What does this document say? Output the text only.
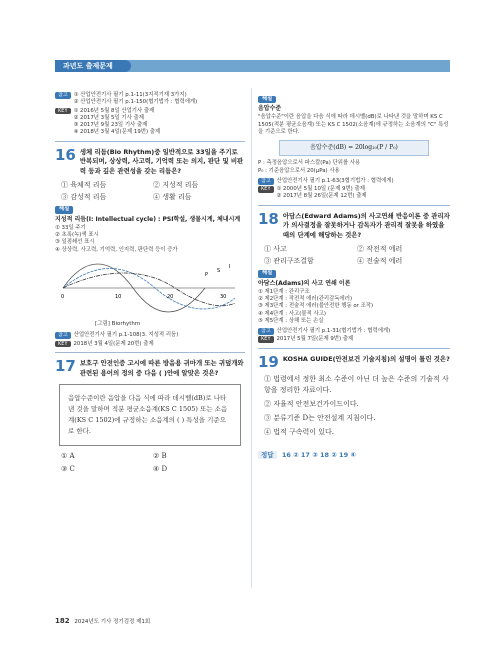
과년도 출제문제
참고	① 산업안전기사 필기 p.1-11(3지적기재 3가지)
② 산업안전기사 필기 p.1-150(협기법가 : 협력에게)
KEY	① 2016년 5월 8일 산업기사 출제
② 2017년 3월 5일 기사 출제
③ 2017년 9월 23일 기사 출제
④ 2018년 3월 4일(문제 19번) 출제
16 생체 리듬(Bio Rhythm)중 일반적으로 33일을 주기로 반복되며, 상상력, 사고력, 기억력 또는 의지, 판단 및 비판력 등과 깊은 관련성을 갖는 리듬은?
① 육체적 리듬	② 지성적 리듬
③ 감성적 리듬	④ 생활 리듬
해설
지성적 리듬(I: Intellectual cycle) : PSI학설, 생물시계, 체내시계
① 33일 주기
② 초록(녹)색 표시
③ 일점쇄선 표시
④ 상상력, 사고력, 기억력, 인지력, 판단력 등이 증가
0	10	20	30
P
S
I
[그림] Biorhythm
참고	산업안전기사 필기 p.1-108(3. 지성적 리듬)
KEY	2018년 3월 4일(문제 20번) 출제
17 보호구 안전인증 고시에 따른 방음용 귀마개 또는 귀덮개와 관련된 용어의 정의 중 다음 ( )안에 알맞은 것은?
음압수준이란 음압을 다음 식에 따라 데시벨(dB)로 나타낸 것을 말하며 적분 평균소음계(KS C 1505) 또는 소음계(KS C 1502)에 규정하는 소음계의 ( ) 특성을 기준으로 한다.
① A	② B
③ C	④ D
해설
음압수준
"음압수준"이란 음압을 다음 식에 따라 데시벨(dB)로 나타낸 것을 말하며 KS C 1505(적분 평균소음계) 또는 KS C 1502(소음계)에 규정하는 소음계의 "C" 특성을 기준으로 한다.
음압수준(dB) = 20log₁₀(P / P₀)
P : 측정음압으로서 파스칼(Pa) 단위를 사용
P₀ : 기준음압으로서 20(μPa) 사용
참고	산업안전기사 필기 p.1-63(3협기법가 : 협력에게)
KEY	① 2000년 5월 10일 (문제 9번) 출제
② 2017년 8월 26일(문제 12번) 출제
18 아담스(Edward Adams)의 사고연쇄 반응이론 중 관리자가 의사결정을 잘못하거나 감독자가 관리적 잘못을 하였을 때의 단계에 해당하는 것은?
① 사고	② 작전적 에러
③ 관리구조결함	④ 전술적 에러
해설
아담스(Adams)의 사고 연쇄 이론
① 제1단계 : 관리구조
② 제2단계 : 작전적 에러(관리감독에러)
③ 제3단계 : 전술적 에러(불안전한 행동 or 조작)
④ 제4단계 : 사고(물적 사고)
⑤ 제5단계 : 상해 또는 손실
참고	산업안전기사 필기 p.1-31(협기법가 : 협력에게)
KEY	2017년 5월 7일(문제 9번) 출제
19 KOSHA GUIDE(안전보건 기술지침)의 설명이 틀린 것은?
① 법령에서 정한 최소 수준이 아닌 더 높은 수준의 기술적 사항을 정리한 자료이다.
② 자율적 안전보건가이드이다.
③ 분류기준 D는 안전설계 지침이다.
④ 법적 구속력이 있다.
정답 16 ② 17 ③ 18 ② 19 ④
182 2024년도 기사 정기검정 제1회
